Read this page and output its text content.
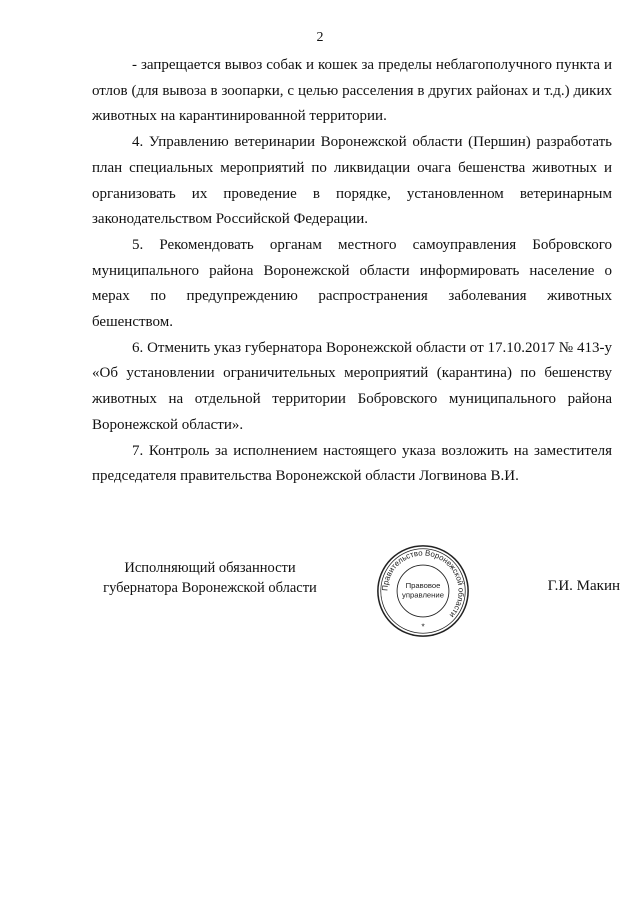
2

- запрещается вывоз собак и кошек за пределы неблагополучного пункта и отлов (для вывоза в зоопарки, с целью расселения в других районах и т.д.) диких животных на карантинированной территории.

4. Управлению ветеринарии Воронежской области (Першин) разработать план специальных мероприятий по ликвидации очага бешенства животных и организовать их проведение в порядке, установленном ветеринарным законодательством Российской Федерации.

5. Рекомендовать органам местного самоуправления Бобровского муниципального района Воронежской области информировать население о мерах по предупреждению распространения заболевания животных бешенством.

6. Отменить указ губернатора Воронежской области от 17.10.2017 № 413-у «Об установлении ограничительных мероприятий (карантина) по бешенству животных на отдельной территории Бобровского муниципального района Воронежской области».

7. Контроль за исполнением настоящего указа возложить на заместителя председателя правительства Воронежской области Логвинова В.И.

Исполняющий обязанности
губернатора Воронежской области	Правительство Воронежской области
Правовое
управление
*
Г.И. Макин
